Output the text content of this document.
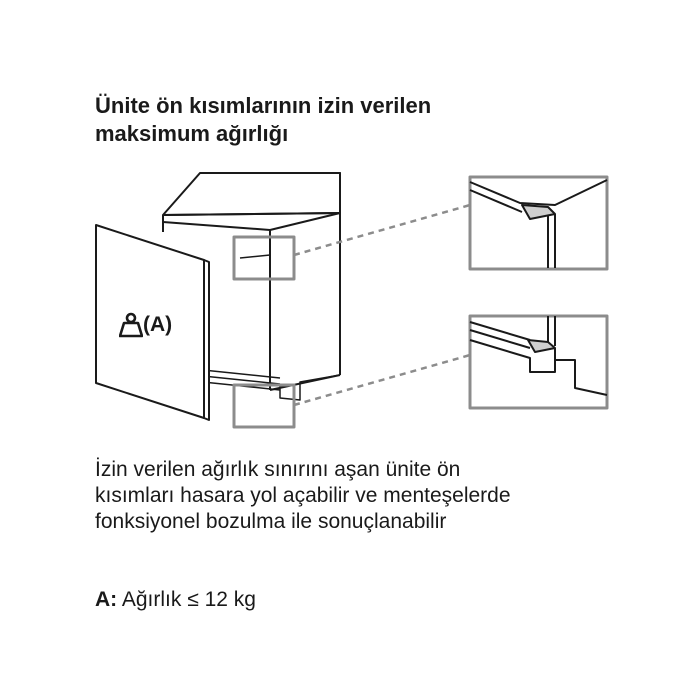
Ünite ön kısımlarının izin verilen
maksimum ağırlığı
(A)

İzin verilen ağırlık sınırını aşan ünite ön
kısımları hasara yol açabilir ve menteşelerde
fonksiyonel bozulma ile sonuçlanabilir

A: Ağırlık ≤ 12 kg
